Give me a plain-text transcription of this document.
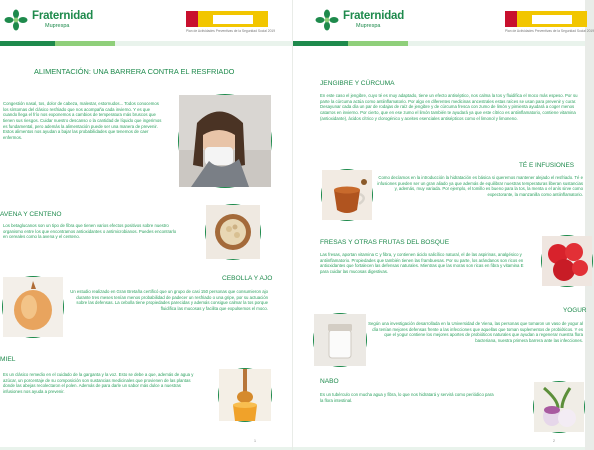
Fraternidad
Muprespa
Plan de Actividades Preventivas de la Seguridad Social 2019
ALIMENTACIÓN: UNA BARRERA CONTRA EL RESFRIADO
Congestión nasal, tos, dolor de cabeza, malestar, estornudos... Todos conocemos los síntomas del clásico resfriado que nos acompaña cada invierno. Y es que cuando llega el frío nos exponemos a cambios de temperatura más bruscos que tienen sus riesgos. Cuidar nuestro descanso o la cantidad de líquido que ingerimos es fundamental, pero además la alimentación puede ser una manera de prevenir. Estos alimentos nos ayudan a bajar las probabilidades que tenemos de caer enfermos.
AVENA Y CENTENO
Los betaglucanos son un tipo de fibra que tienen varios efectos positivos sobre nuestro organismo entre los que encontramos antioxidantes o antimicrobianos. Puedes encontrarlo en cereales como la avena y el centeno.
CEBOLLA Y AJO
Un estudio realizado en Gran Bretaña certificó que un grupo de casi 150 personas que consumieron ajo durante tres meses tenían menos probabilidad de padecer un resfriado o una gripe, por su actuación sobre las defensas. La cebolla tiene propiedades parecidas y además consigue calmar la tos porque fluidifica las mucosas y facilita que expulsemos el moco.
MIEL
Es un clásico remedio en el cuidado de la garganta y la voz. Esto se debe a que, además de agua y azúcar, un porcentaje de su composición son sustancias medicinales que provienen de las plantas donde las abejas recolectaron el polen. Además de para darle un sabor más dulce a nuestras infusiones nos ayuda a prevenir.
1
Fraternidad
Muprespa
Plan de Actividades Preventivas de la Seguridad Social 2019
JENGIBRE Y CÚRCUMA
En este caso el jengibre, cuyo té es muy adaptado, tiene un efecto antiséptico, nos calma la tos y fluidifica el moco más espeso. Por su parte la cúrcuma actúa como antiinflamatorio. Por algo en diferentes medicinas ancestrales estas raíces se usan para prevenir y curar. Desayunar cada día un par de rodajas de raíz de jengibre y de cúrcuma fresca con zumo de limón y pimienta ayudará a coger menos catarros en invierno. Por cierto, que en ese zumo el limón también te ayudará ya que este cítrico es antiinflamatorio, contiene vitamina (antioxidante), ácidos cítrico y clorogénico y aceites esenciales antisépticos como el limonol y limoneno.
TÉ E INFUSIONES
Como decíamos en la introducción la hidratación es básica si queremos mantener alejado el resfriado. Té e infusiones pueden ser un gran aliado ya que además de equilibrar nuestras temperaturas liberan sustancias y, además, muy variada. Por ejemplo, el tomillo es bueno para la tos, la menta o el anís sirve como expectorante, la manzanilla como antiinflamatorio.
FRESAS Y OTRAS FRUTAS DEL BOSQUE
Las fresas, aportan vitamina C y fibra, y contienen ácido salicílico natural, el de las aspirinas, analgésico y antiinflamatorio. Propiedades que también tienen las frambuesas. Por su parte, los arándanos son ricos en antioxidantes que fortalecen las defensas naturales. Mientras que las moras son ricas en fibra y vitamina E para cuidar las mucosas digestivas.
YOGUR
Según una investigación desarrollada en la Universidad de Viena, las personas que tomaron un vaso de yogur al día tenían mejores defensas frente a las infecciones que aquellas que toman suplementos de probióticos. Y es que el yogur contiene los mejores aportes de probióticos naturales que ayudan a regenerar nuestra flora bacteriana, nuestra primera barrera ante las infecciones.
NABO
Es un tubérculo con mucha agua y fibra, lo que nos hidratará y servirá como periódico para la flora intestinal.
2
